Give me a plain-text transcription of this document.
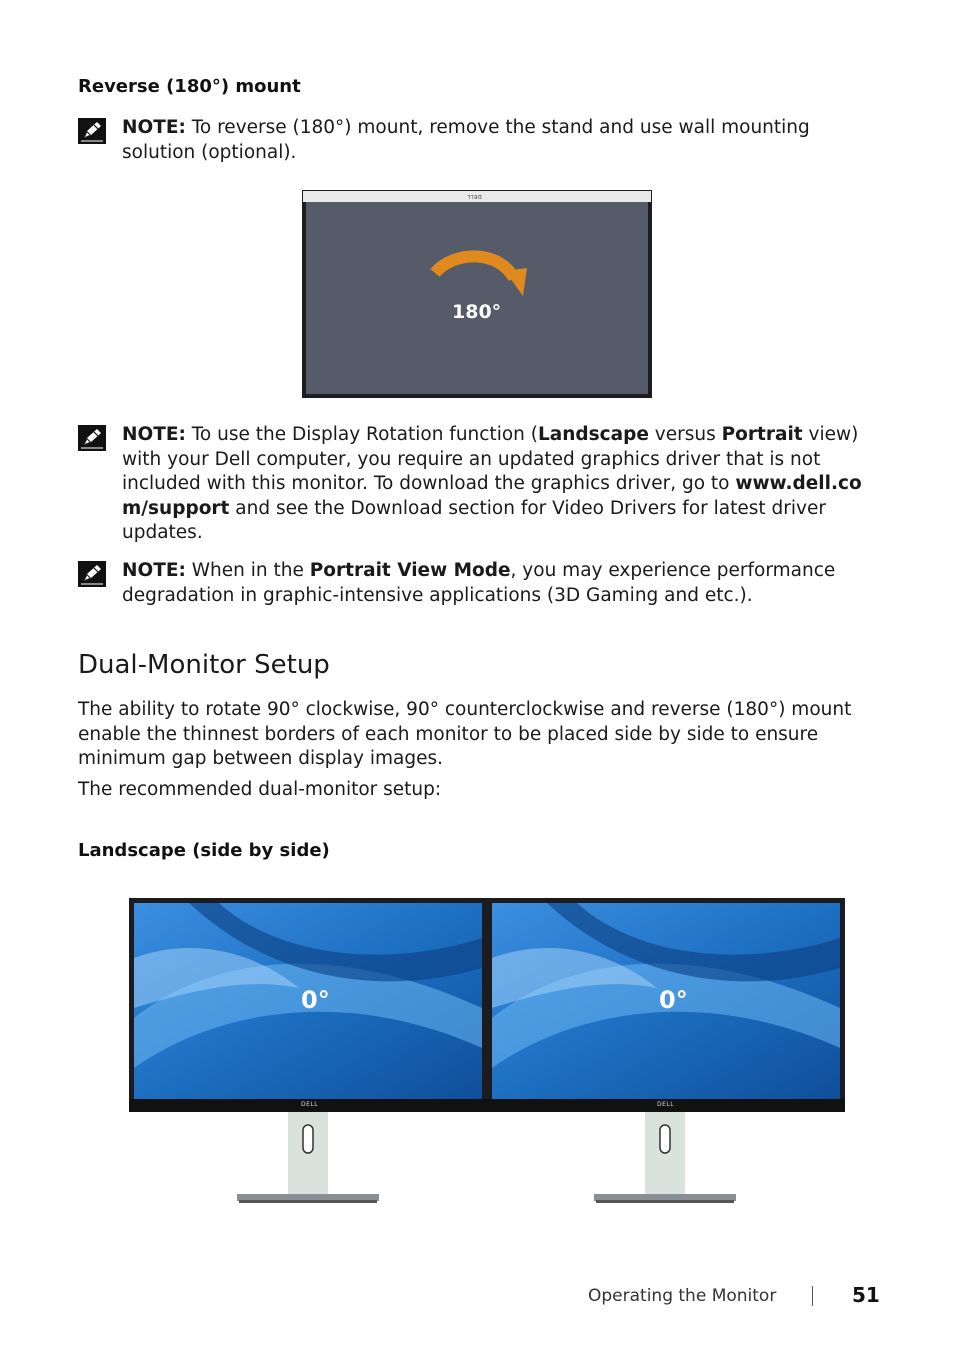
Reverse (180°) mount
NOTE: To reverse (180°) mount, remove the stand and use wall mounting solution (optional).
180°
DELL
NOTE: To use the Display Rotation function (Landscape versus Portrait view) with your Dell computer, you require an updated graphics driver that is not included with this monitor. To download the graphics driver, go to www.dell.com/support and see the Download section for Video Drivers for latest driver updates.
NOTE: When in the Portrait View Mode, you may experience performance degradation in graphic-intensive applications (3D Gaming and etc.).
Dual-Monitor Setup
The ability to rotate 90° clockwise, 90° counterclockwise and reverse (180°) mount enable the thinnest borders of each monitor to be placed side by side to ensure minimum gap between display images.
The recommended dual-monitor setup:
Landscape (side by side)
0°	0°
DELL	DELL
Operating the Monitor	51
